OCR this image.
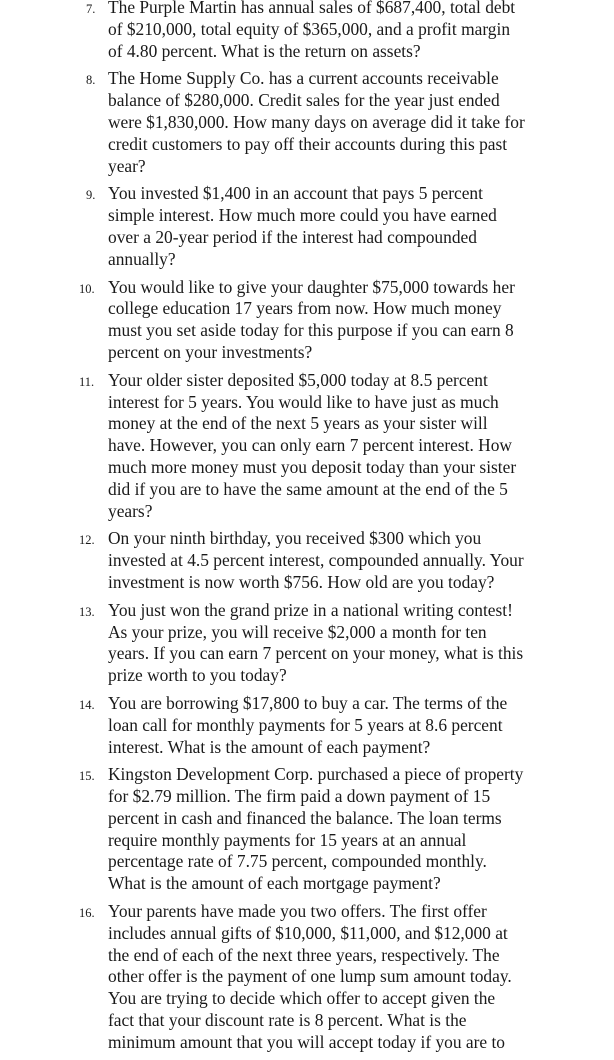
7. The Purple Martin has annual sales of $687,400, total debt
of $210,000, total equity of $365,000, and a profit margin
of 4.80 percent. What is the return on assets?
8. The Home Supply Co. has a current accounts receivable
balance of $280,000. Credit sales for the year just ended
were $1,830,000. How many days on average did it take for
credit customers to pay off their accounts during this past
year?
9. You invested $1,400 in an account that pays 5 percent
simple interest. How much more could you have earned
over a 20-year period if the interest had compounded
annually?
10. You would like to give your daughter $75,000 towards her
college education 17 years from now. How much money
must you set aside today for this purpose if you can earn 8
percent on your investments?
11. Your older sister deposited $5,000 today at 8.5 percent
interest for 5 years. You would like to have just as much
money at the end of the next 5 years as your sister will
have. However, you can only earn 7 percent interest. How
much more money must you deposit today than your sister
did if you are to have the same amount at the end of the 5
years?
12. On your ninth birthday, you received $300 which you
invested at 4.5 percent interest, compounded annually. Your
investment is now worth $756. How old are you today?
13. You just won the grand prize in a national writing contest!
As your prize, you will receive $2,000 a month for ten
years. If you can earn 7 percent on your money, what is this
prize worth to you today?
14. You are borrowing $17,800 to buy a car. The terms of the
loan call for monthly payments for 5 years at 8.6 percent
interest. What is the amount of each payment?
15. Kingston Development Corp. purchased a piece of property
for $2.79 million. The firm paid a down payment of 15
percent in cash and financed the balance. The loan terms
require monthly payments for 15 years at an annual
percentage rate of 7.75 percent, compounded monthly.
What is the amount of each mortgage payment?
16. Your parents have made you two offers. The first offer
includes annual gifts of $10,000, $11,000, and $12,000 at
the end of each of the next three years, respectively. The
other offer is the payment of one lump sum amount today.
You are trying to decide which offer to accept given the
fact that your discount rate is 8 percent. What is the
minimum amount that you will accept today if you are to
